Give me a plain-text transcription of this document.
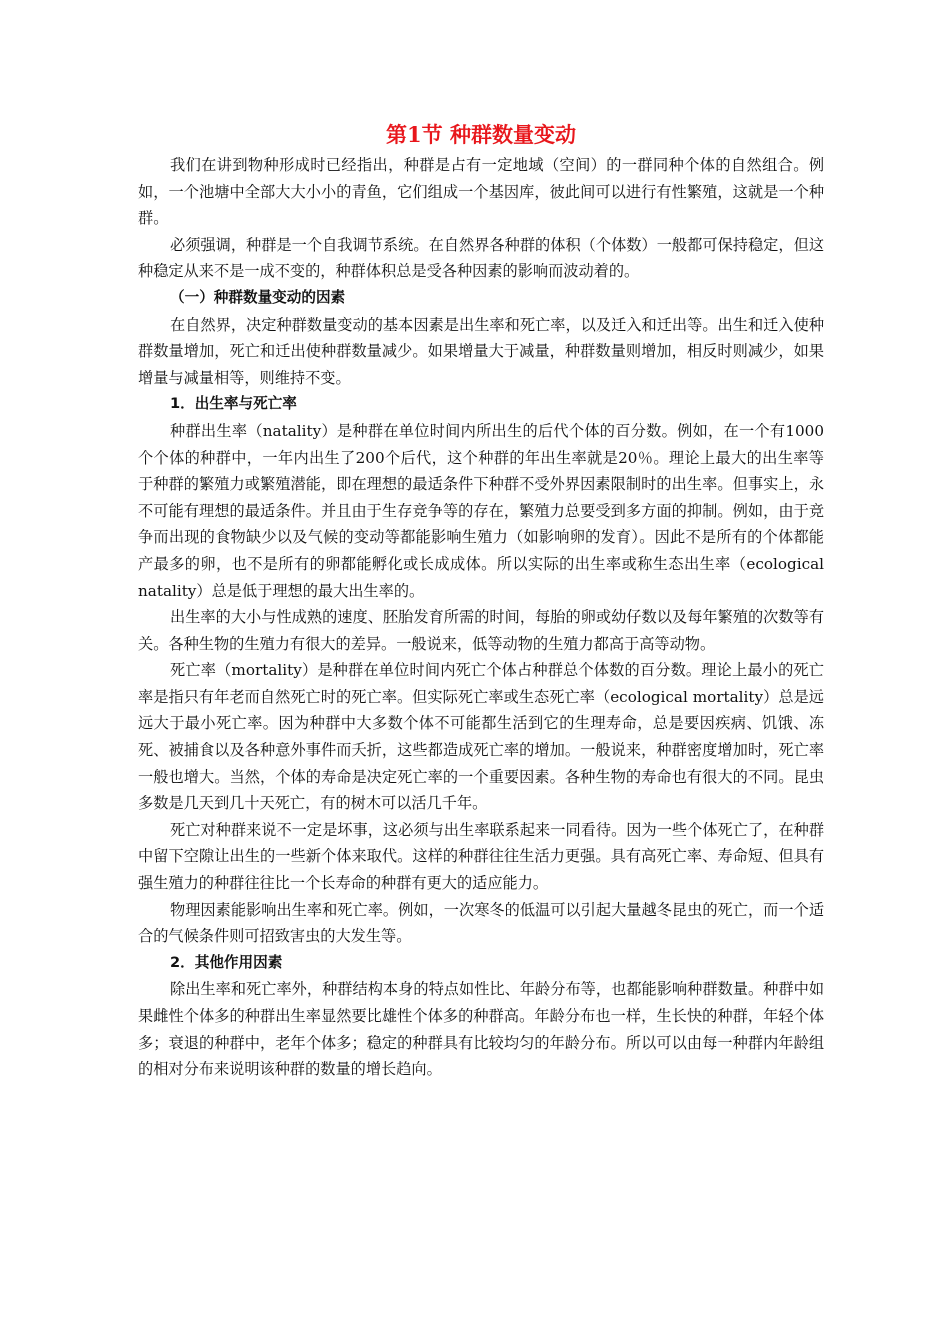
第1节 种群数量变动

我们在讲到物种形成时已经指出，种群是占有一定地域（空间）的一群同种个体的自然组合。例如，一个池塘中全部大大小小的青鱼，它们组成一个基因库，彼此间可以进行有性繁殖，这就是一个种群。

必须强调，种群是一个自我调节系统。在自然界各种群的体积（个体数）一般都可保持稳定，但这种稳定从来不是一成不变的，种群体积总是受各种因素的影响而波动着的。

（一）种群数量变动的因素

在自然界，决定种群数量变动的基本因素是出生率和死亡率，以及迁入和迁出等。出生和迁入使种群数量增加，死亡和迁出使种群数量减少。如果增量大于减量，种群数量则增加，相反时则减少，如果增量与减量相等，则维持不变。

1．出生率与死亡率

种群出生率（natality）是种群在单位时间内所出生的后代个体的百分数。例如，在一个有1000个个体的种群中，一年内出生了200个后代，这个种群的年出生率就是20％。理论上最大的出生率等于种群的繁殖力或繁殖潜能，即在理想的最适条件下种群不受外界因素限制时的出生率。但事实上，永不可能有理想的最适条件。并且由于生存竞争等的存在，繁殖力总要受到多方面的抑制。例如，由于竞争而出现的食物缺少以及气候的变动等都能影响生殖力（如影响卵的发育）。因此不是所有的个体都能产最多的卵，也不是所有的卵都能孵化或长成成体。所以实际的出生率或称生态出生率（ecological natality）总是低于理想的最大出生率的。

出生率的大小与性成熟的速度、胚胎发育所需的时间，每胎的卵或幼仔数以及每年繁殖的次数等有关。各种生物的生殖力有很大的差异。一般说来，低等动物的生殖力都高于高等动物。

死亡率（mortality）是种群在单位时间内死亡个体占种群总个体数的百分数。理论上最小的死亡率是指只有年老而自然死亡时的死亡率。但实际死亡率或生态死亡率（ecological mortality）总是远远大于最小死亡率。因为种群中大多数个体不可能都生活到它的生理寿命，总是要因疾病、饥饿、冻死、被捕食以及各种意外事件而夭折，这些都造成死亡率的增加。一般说来，种群密度增加时，死亡率一般也增大。当然，个体的寿命是决定死亡率的一个重要因素。各种生物的寿命也有很大的不同。昆虫多数是几天到几十天死亡，有的树木可以活几千年。

死亡对种群来说不一定是坏事，这必须与出生率联系起来一同看待。因为一些个体死亡了，在种群中留下空隙让出生的一些新个体来取代。这样的种群往往生活力更强。具有高死亡率、寿命短、但具有强生殖力的种群往往比一个长寿命的种群有更大的适应能力。

物理因素能影响出生率和死亡率。例如，一次寒冬的低温可以引起大量越冬昆虫的死亡，而一个适合的气候条件则可招致害虫的大发生等。

2．其他作用因素

除出生率和死亡率外，种群结构本身的特点如性比、年龄分布等，也都能影响种群数量。种群中如果雌性个体多的种群出生率显然要比雄性个体多的种群高。年龄分布也一样，生长快的种群，年轻个体多；衰退的种群中，老年个体多；稳定的种群具有比较均匀的年龄分布。所以可以由每一种群内年龄组的相对分布来说明该种群的数量的增长趋向。
